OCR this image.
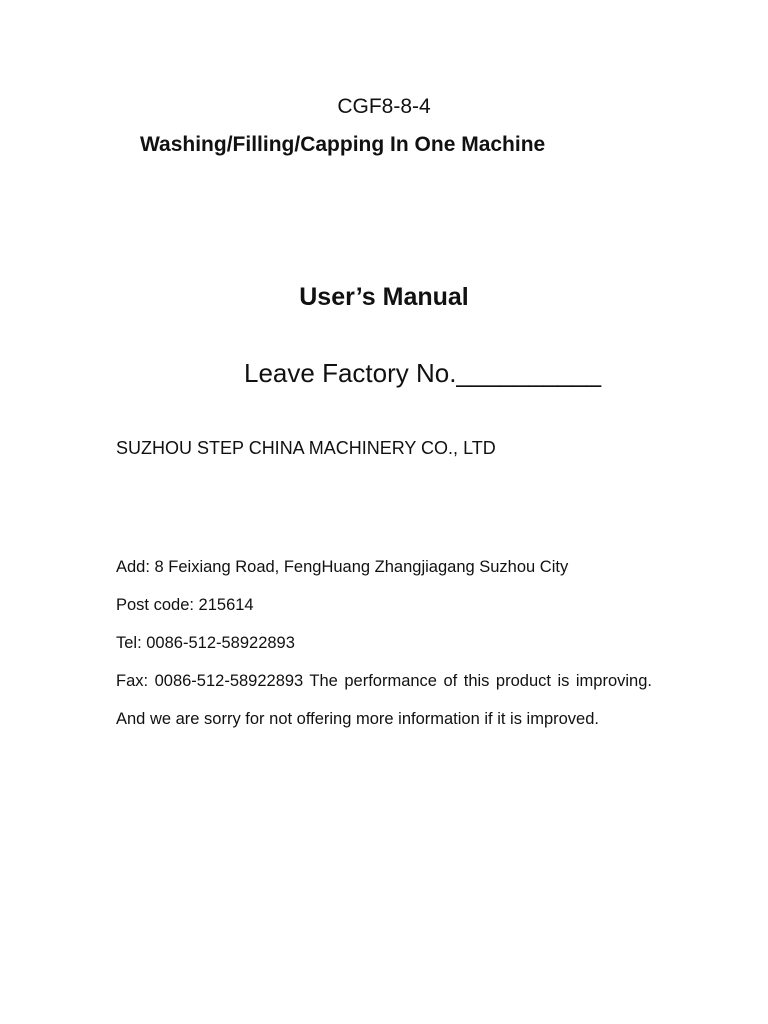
CGF8-8-4
Washing/Filling/Capping In One Machine
User’s Manual
Leave Factory No.__________
SUZHOU STEP CHINA MACHINERY CO., LTD
Add: 8 Feixiang Road, FengHuang Zhangjiagang Suzhou City
Post code: 215614
Tel: 0086-512-58922893
Fax: 0086-512-58922893 The performance of this product is improving. And we are sorry for not offering more information if it is improved.
